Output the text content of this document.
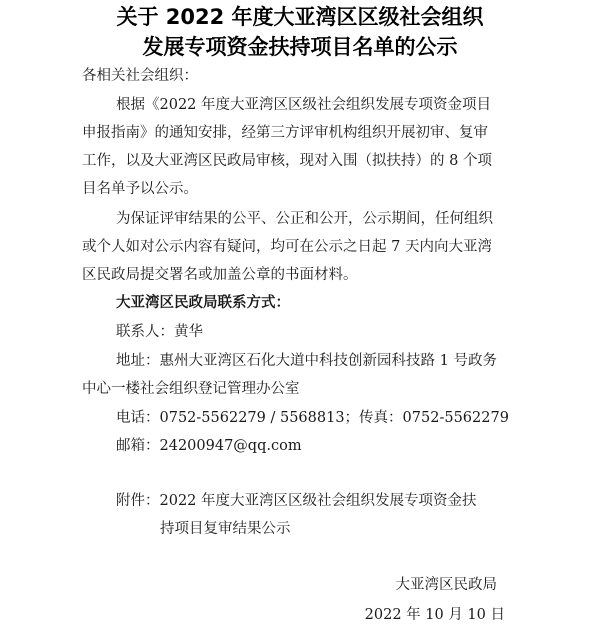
关于 2022 年度大亚湾区区级社会组织
发展专项资金扶持项目名单的公示
各相关社会组织：
根据《2022 年度大亚湾区区级社会组织发展专项资金项目
申报指南》的通知安排，经第三方评审机构组织开展初审、复审
工作，以及大亚湾区民政局审核，现对入围（拟扶持）的 8 个项
目名单予以公示。
为保证评审结果的公平、公正和公开，公示期间，任何组织
或个人如对公示内容有疑问，均可在公示之日起 7 天内向大亚湾
区民政局提交署名或加盖公章的书面材料。
大亚湾区民政局联系方式：
联系人：黄华
地址：惠州大亚湾区石化大道中科技创新园科技路 1 号政务
中心一楼社会组织登记管理办公室
电话：0752-5562279 / 5568813；传真：0752-5562279
邮箱：24200947@qq.com
附件：2022 年度大亚湾区区级社会组织发展专项资金扶
持项目复审结果公示
大亚湾区民政局
2022 年 10 月 10 日
